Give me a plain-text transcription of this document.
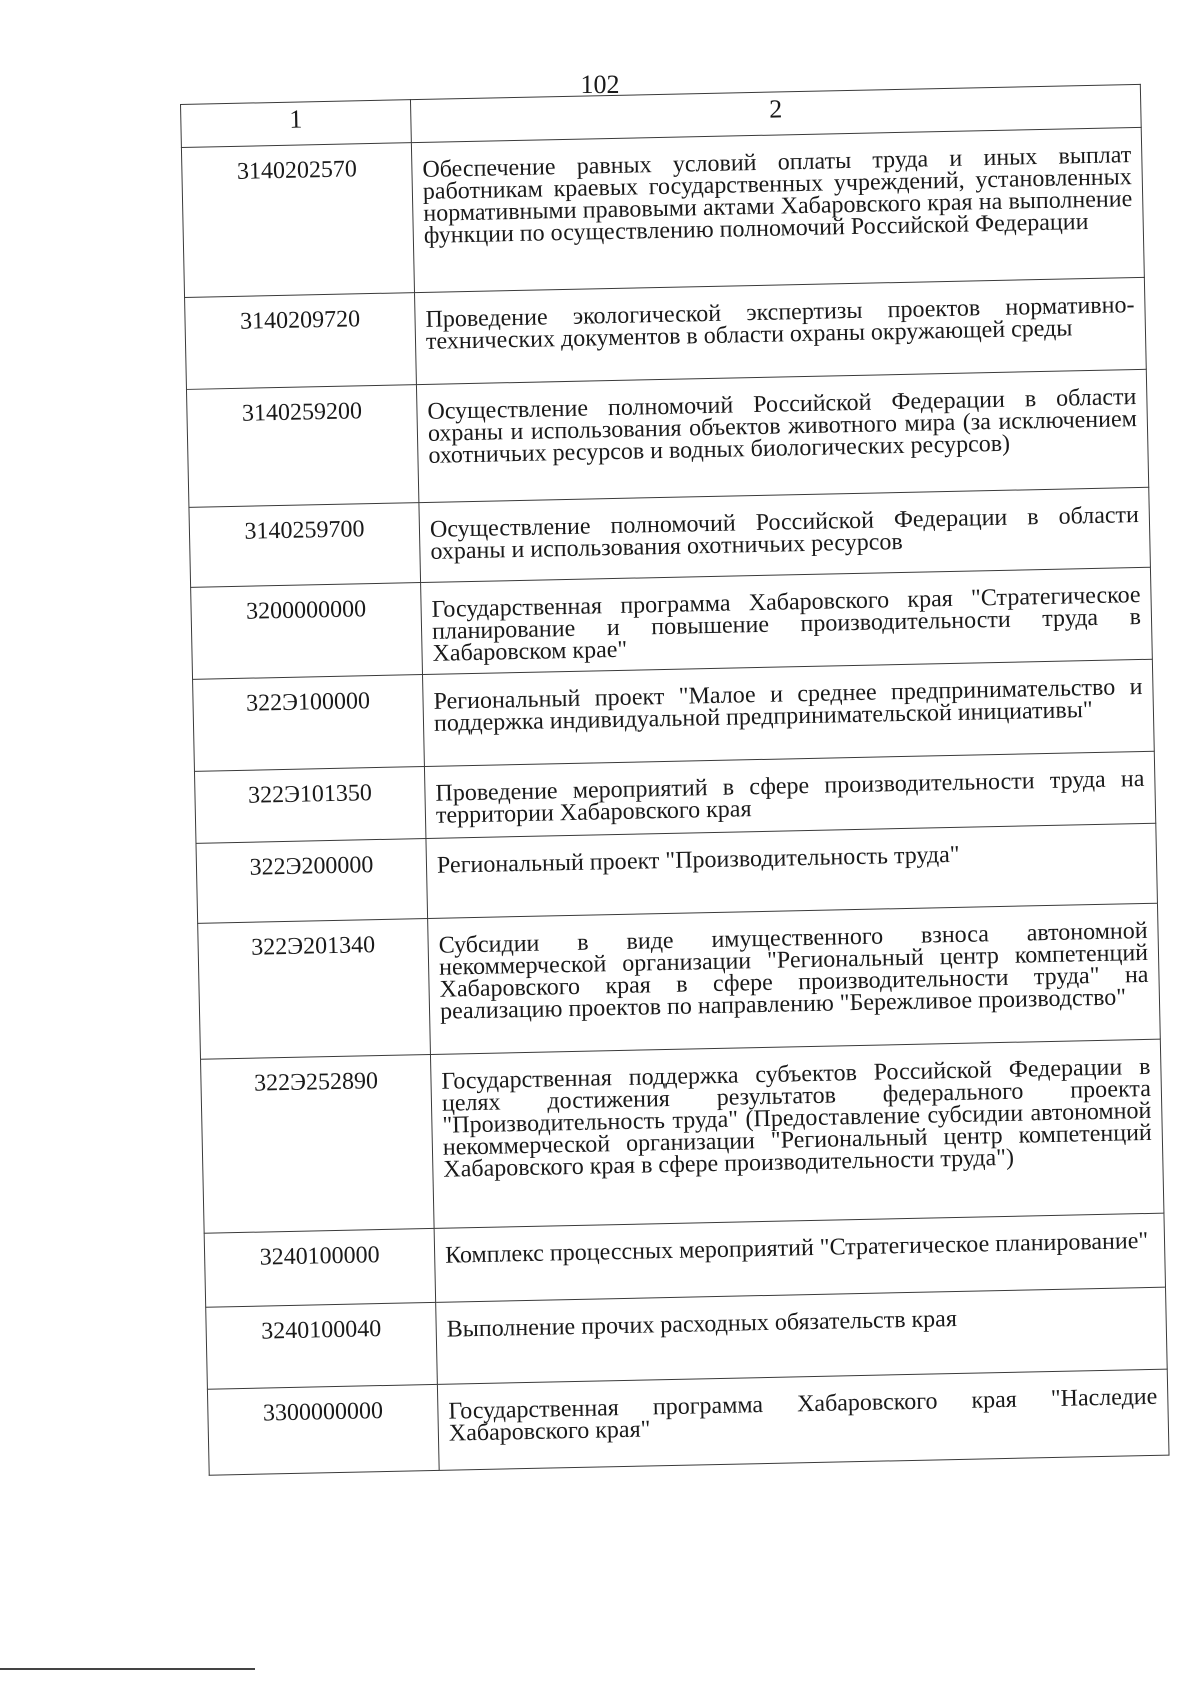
102
1	2
3140202570	Обеспечение равных условий оплаты труда и иных выплат работникам краевых государственных учреждений, установленных нормативными правовыми актами Хабаровского края на выполнение функции по осуществлению полномочий Российской Федерации
3140209720	Проведение экологической экспертизы проектов нормативно-технических документов в области охраны окружающей среды
3140259200	Осуществление полномочий Российской Федерации в области охраны и использования объектов животного мира (за исключением охотничьих ресурсов и водных биологических ресурсов)
3140259700	Осуществление полномочий Российской Федерации в области охраны и использования охотничьих ресурсов
3200000000	Государственная программа Хабаровского края "Стратегическое планирование и повышение производительности труда в Хабаровском крае"
322Э100000	Региональный проект "Малое и среднее предпринимательство и поддержка индивидуальной предпринимательской инициативы"
322Э101350	Проведение мероприятий в сфере производительности труда на территории Хабаровского края
322Э200000	Региональный проект "Производительность труда"
322Э201340	Субсидии в виде имущественного взноса автономной некоммерческой организации "Региональный центр компетенций Хабаровского края в сфере производительности труда" на реализацию проектов по направлению "Бережливое производство"
322Э252890	Государственная поддержка субъектов Российской Федерации в целях достижения результатов федерального проекта "Производительность труда" (Предоставление субсидии автономной некоммерческой организации "Региональный центр компетенций Хабаровского края в сфере производительности труда")
3240100000	Комплекс процессных мероприятий "Стратегическое планирование"
3240100040	Выполнение прочих расходных обязательств края
3300000000	Государственная программа Хабаровского края "Наследие Хабаровского края"
